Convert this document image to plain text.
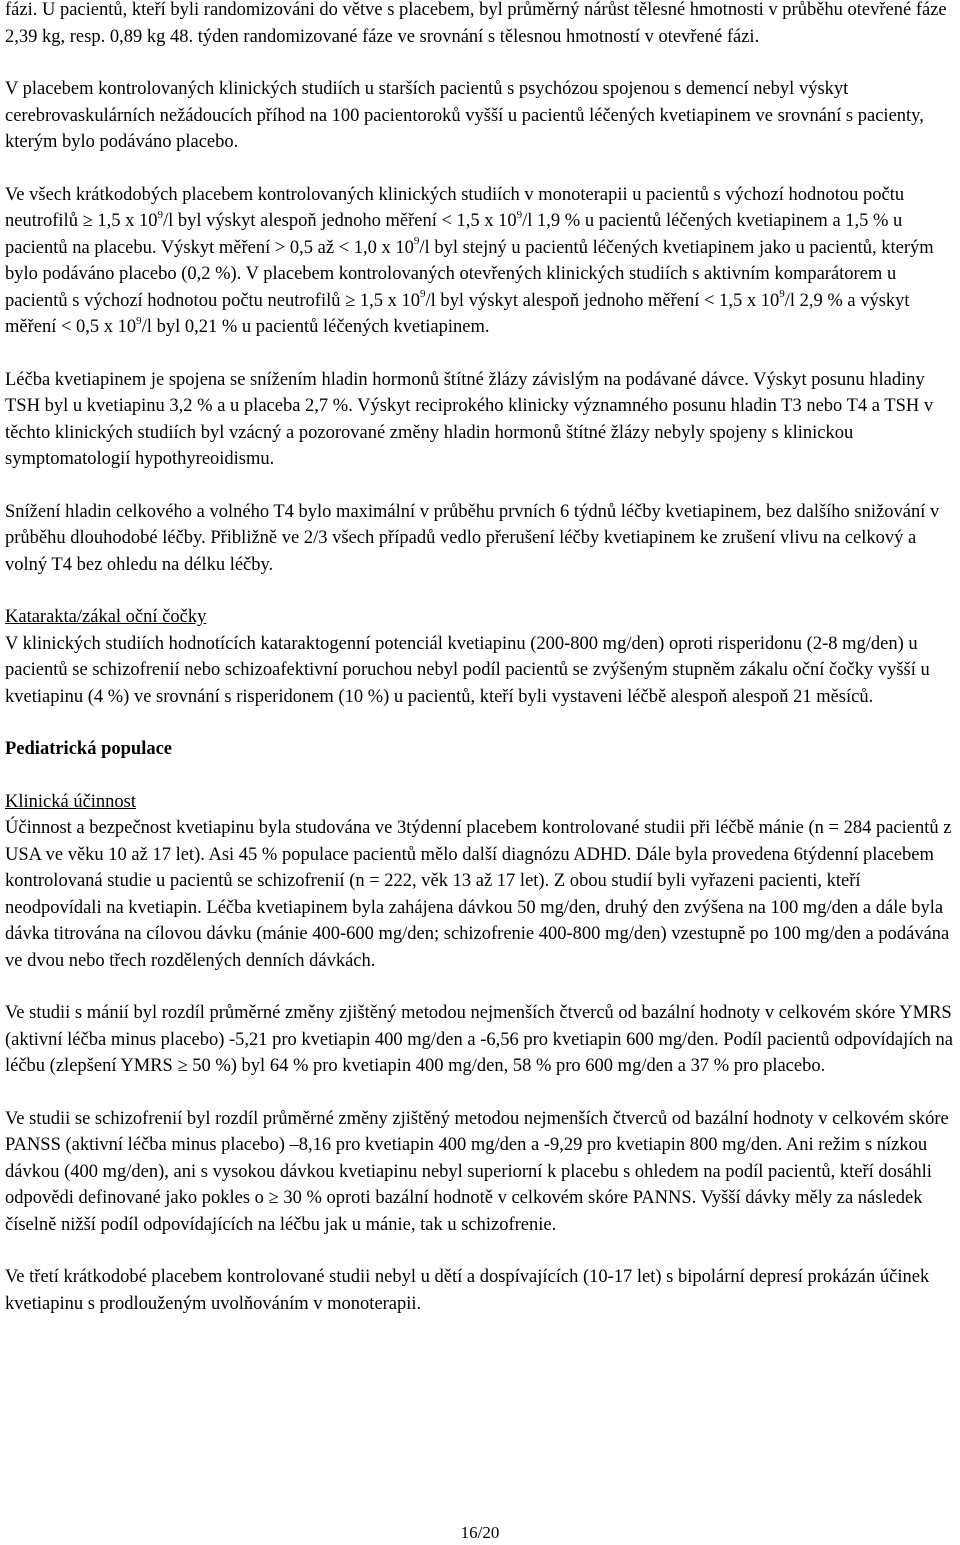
fázi. U pacientů, kteří byli randomizováni do větve s placebem, byl průměrný nárůst tělesné hmotnosti v průběhu otevřené fáze 2,39 kg, resp. 0,89 kg 48. týden randomizované fáze ve srovnání s tělesnou hmotností v otevřené fázi.

V placebem kontrolovaných klinických studiích u starších pacientů s psychózou spojenou s demencí nebyl výskyt cerebrovaskulárních nežádoucích příhod na 100 pacientoroků vyšší u pacientů léčených kvetiapinem ve srovnání s pacienty, kterým bylo podáváno placebo.

Ve všech krátkodobých placebem kontrolovaných klinických studiích v monoterapii u pacientů s výchozí hodnotou počtu neutrofilů ≥ 1,5 x $10^9/l$ byl výskyt alespoň jednoho měření < 1,5 x $10^9/l$ 1,9 % u pacientů léčených kvetiapinem a 1,5 % u pacientů na placebu. Výskyt měření > 0,5 až < 1,0 x $10^9/l$ byl stejný u pacientů léčených kvetiapinem jako u pacientů, kterým bylo podáváno placebo (0,2 %). V placebem kontrolovaných otevřených klinických studiích s aktivním komparátorem u pacientů s výchozí hodnotou počtu neutrofilů ≥ 1,5 x $10^9/l$ byl výskyt alespoň jednoho měření < 1,5 x $10^9/l$ 2,9 % a výskyt měření < 0,5 x $10^9/l$ byl 0,21 % u pacientů léčených kvetiapinem.

Léčba kvetiapinem je spojena se snížením hladin hormonů štítné žlázy závislým na podávané dávce. Výskyt posunu hladiny TSH byl u kvetiapinu 3,2 % a u placeba 2,7 %. Výskyt reciprokého klinicky významného posunu hladin T3 nebo T4 a TSH v těchto klinických studiích byl vzácný a pozorované změny hladin hormonů štítné žlázy nebyly spojeny s klinickou symptomatologií hypothyreoidismu.

Snížení hladin celkového a volného T4 bylo maximální v průběhu prvních 6 týdnů léčby kvetiapinem, bez dalšího snižování v průběhu dlouhodobé léčby. Přibližně ve 2/3 všech případů vedlo přerušení léčby kvetiapinem ke zrušení vlivu na celkový a volný T4 bez ohledu na délku léčby.

Katarakta/zákal oční čočky

V klinických studiích hodnotících kataraktogenní potenciál kvetiapinu (200-800 mg/den) oproti risperidonu (2-8 mg/den) u pacientů se schizofrenií nebo schizoafektivní poruchou nebyl podíl pacientů se zvýšeným stupněm zákalu oční čočky vyšší u kvetiapinu (4 %) ve srovnání s risperidonem (10 %) u pacientů, kteří byli vystaveni léčbě alespoň alespoň 21 měsíců.

Pediatrická populace

Klinická účinnost

Účinnost a bezpečnost kvetiapinu byla studována ve 3týdenní placebem kontrolované studii při léčbě mánie (n = 284 pacientů z USA ve věku 10 až 17 let). Asi 45 % populace pacientů mělo další diagnózu ADHD. Dále byla provedena 6týdenní placebem kontrolovaná studie u pacientů se schizofrenií (n = 222, věk 13 až 17 let). Z obou studií byli vyřazeni pacienti, kteří neodpovídali na kvetiapin. Léčba kvetiapinem byla zahájena dávkou 50 mg/den, druhý den zvýšena na 100 mg/den a dále byla dávka titrována na cílovou dávku (mánie 400-600 mg/den; schizofrenie 400-800 mg/den) vzestupně po 100 mg/den a podávána ve dvou nebo třech rozdělených denních dávkách.

Ve studii s mánií byl rozdíl průměrné změny zjištěný metodou nejmenších čtverců od bazální hodnoty v celkovém skóre YMRS (aktivní léčba minus placebo) -5,21 pro kvetiapin 400 mg/den a -6,56 pro kvetiapin 600 mg/den. Podíl pacientů odpovídajích na léčbu (zlepšení YMRS ≥ 50 %) byl 64 % pro kvetiapin 400 mg/den, 58 % pro 600 mg/den a 37 % pro placebo.

Ve studii se schizofrenií byl rozdíl průměrné změny zjištěný metodou nejmenších čtverců od bazální hodnoty v celkovém skóre PANSS (aktivní léčba minus placebo) –8,16 pro kvetiapin 400 mg/den a -9,29 pro kvetiapin 800 mg/den. Ani režim s nízkou dávkou (400 mg/den), ani s vysokou dávkou kvetiapinu nebyl superiorní k placebu s ohledem na podíl pacientů, kteří dosáhli odpovědi definované jako pokles o ≥ 30 % oproti bazální hodnotě v celkovém skóre PANNS. Vyšší dávky měly za následek číselně nižší podíl odpovídajících na léčbu jak u mánie, tak u schizofrenie.

Ve třetí krátkodobé placebem kontrolované studii nebyl u dětí a dospívajících (10-17 let) s bipolární depresí prokázán účinek kvetiapinu s prodlouženým uvolňováním v monoterapii.

16/20
